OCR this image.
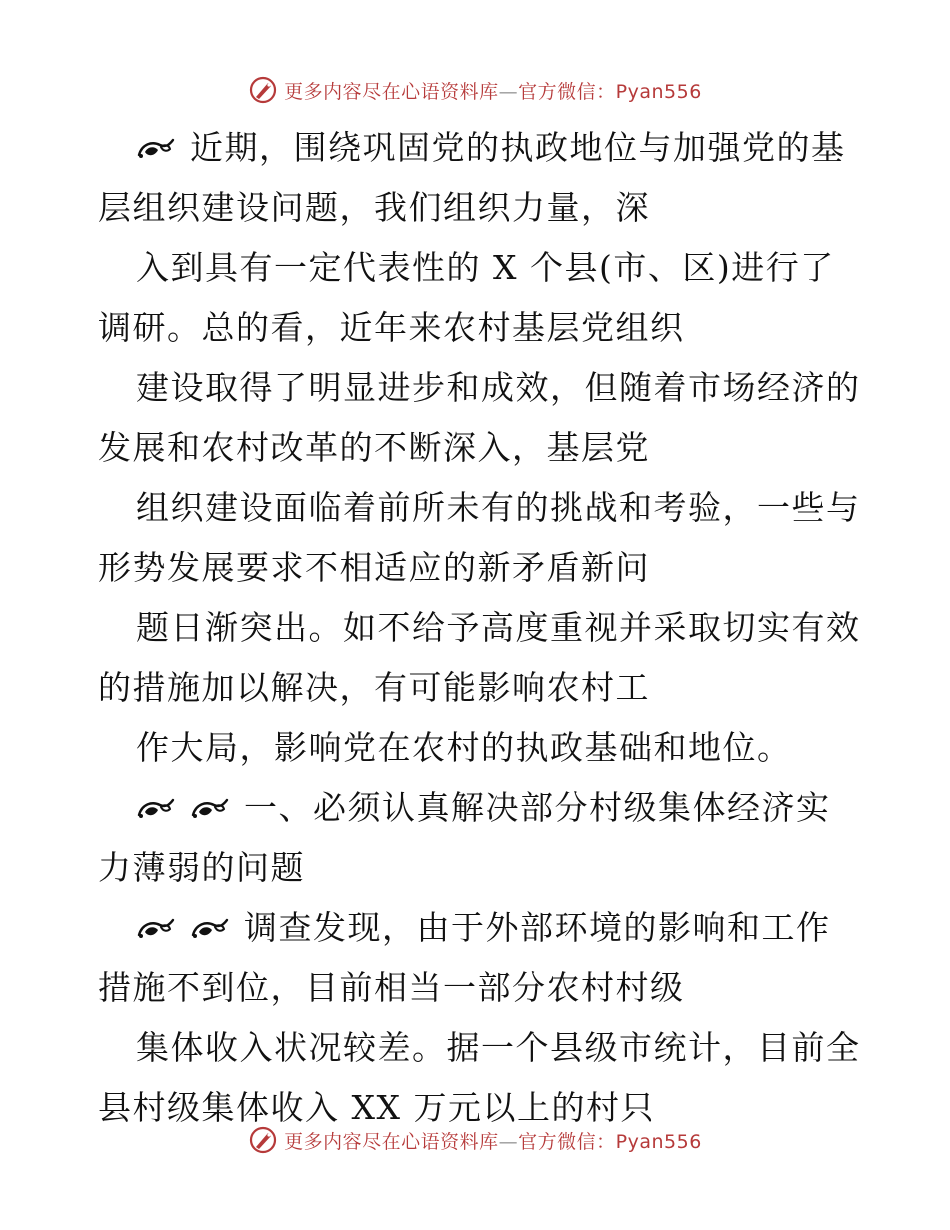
更多内容尽在心语资料库—官方微信：Pyan556
近期，围绕巩固党的执政地位与加强党的基
层组织建设问题，我们组织力量，深
入到具有一定代表性的 X 个县(市、区)进行了
调研。总的看，近年来农村基层党组织
建设取得了明显进步和成效，但随着市场经济的
发展和农村改革的不断深入，基层党
组织建设面临着前所未有的挑战和考验，一些与
形势发展要求不相适应的新矛盾新问
题日渐突出。如不给予高度重视并采取切实有效
的措施加以解决，有可能影响农村工
作大局，影响党在农村的执政基础和地位。
一、必须认真解决部分村级集体经济实
力薄弱的问题
调查发现，由于外部环境的影响和工作
措施不到位，目前相当一部分农村村级
集体收入状况较差。据一个县级市统计，目前全
县村级集体收入 XX 万元以上的村只
更多内容尽在心语资料库—官方微信：Pyan556
